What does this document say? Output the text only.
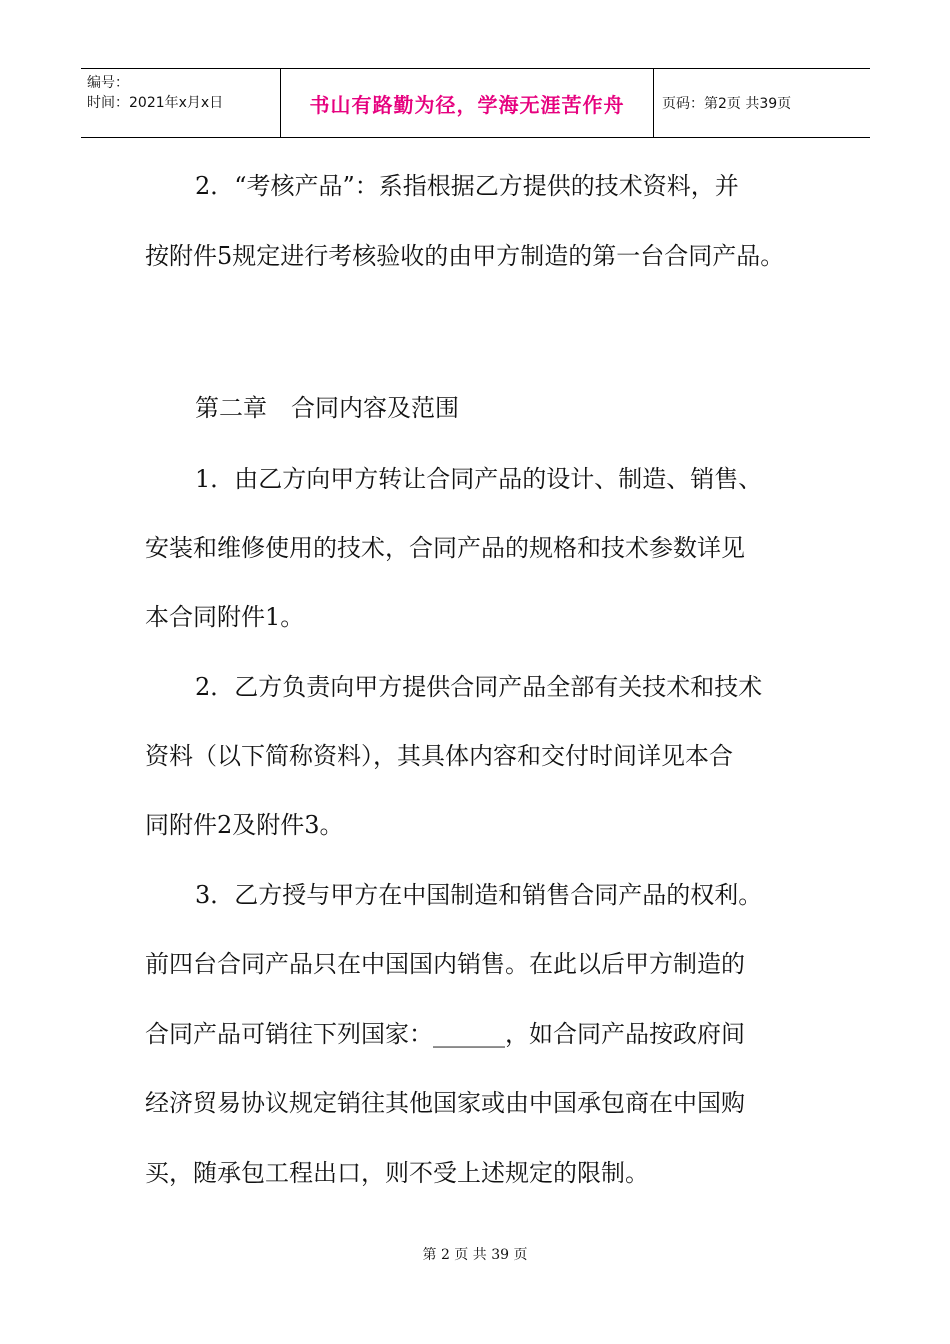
编号：
时间：2021年x月x日	书山有路勤为径，学海无涯苦作舟	页码：第2页 共39页
2．“考核产品”：系指根据乙方提供的技术资料，并
按附件5规定进行考核验收的由甲方制造的第一台合同产品。
第二章　合同内容及范围
1．由乙方向甲方转让合同产品的设计、制造、销售、
安装和维修使用的技术，合同产品的规格和技术参数详见
本合同附件1。
2．乙方负责向甲方提供合同产品全部有关技术和技术
资料（以下简称资料），其具体内容和交付时间详见本合
同附件2及附件3。
3．乙方授与甲方在中国制造和销售合同产品的权利。
前四台合同产品只在中国国内销售。在此以后甲方制造的
合同产品可销往下列国家：______，如合同产品按政府间
经济贸易协议规定销往其他国家或由中国承包商在中国购
买，随承包工程出口，则不受上述规定的限制。
第 2 页 共 39 页
